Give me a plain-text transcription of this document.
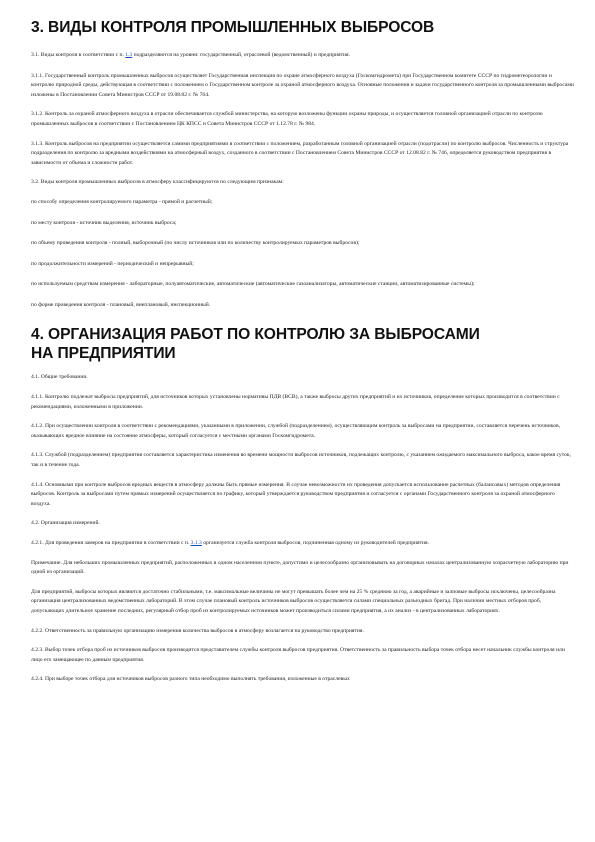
3. ВИДЫ КОНТРОЛЯ ПРОМЫШЛЕННЫХ ВЫБРОСОВ

3.1. Виды контроля в соответствии с п. 1.3 подразделяются на уровни: государственный, отраслевой (ведомственный) и предприятия.

3.1.1. Государственный контроль промышленных выбросов осуществляет Государственная инспекция по охране атмосферного воздуха (Госкомгидромета) при Государственном комитете СССР по гидрометеорологии и контролю природной среды, действующая в соответствии с положением о Государственном контроле за охраной атмосферного воздуха. Основные положения и задачи государственного контроля за промышленными выбросами изложены в Постановлении Совета Министров СССР от 19.08.82 г. № 764.

3.1.2. Контроль за охраной атмосферного воздуха в отрасли обеспечивается службой министерства, на которую возложены функции охраны природы, и осуществляется головной организацией отрасли по контролю промышленных выбросов в соответствии с Постановлением ЦК КПСС и Совета Министров СССР от 1.12.78 г. № 984.

3.1.3. Контроль выбросов на предприятии осуществляется самими предприятиями в соответствии с положением, разработанным головной организацией отрасли (подотрасли) по контролю выбросов. Численность и структура подразделения по контролю за вредными воздействиями на атмосферный воздух, созданного в соответствии с Постановлением Совета Министров СССР от 12.08.82 г. № 746, определяется руководством предприятия в зависимости от объема и сложности работ.

3.2. Виды контроля промышленных выбросов в атмосферу классифицируются по следующим признакам:

по способу определения контролируемого параметра - прямой и расчетный;

по месту контроля - источник выделения, источник выброса;

по объему проведения контроля - полный, выборочный (по числу источников или по количеству контролируемых параметров выбросов);

по продолжительности измерений - периодический и непрерывный;

по используемым средствам измерения - лабораторные, полуавтоматические, автоматические (автоматические газоанализаторы, автоматические станции, автоматизированные системы);

по форме проведения контроля - плановый, внеплановый, инспекционный.

4. ОРГАНИЗАЦИЯ РАБОТ ПО КОНТРОЛЮ ЗА ВЫБРОСАМИ
НА ПРЕДПРИЯТИИ

4.1. Общие требования.

4.1.1. Контролю подлежат выбросы предприятий, для источников которых установлены нормативы ПДВ (ВСВ), а также выбросы других предприятий и их источников, определение которых производится в соответствии с рекомендациями, изложенными в приложении.

4.1.2. При осуществлении контроля в соответствии с рекомендациями, указанными в приложении, службой (подразделением), осуществляющим контроль за выбросами на предприятии, составляется перечень источников, оказывающих вредное влияние на состояние атмосферы, который согласуется с местными органами Госкомгидромета.

4.1.3. Службой (подразделением) предприятия составляется характеристика изменения во времени мощности выбросов источников, подлежащих контролю, с указанием ожидаемого максимального выброса, какое время суток, так и в течение года.

4.1.4. Основными при контроле выбросов вредных веществ в атмосферу должны быть прямые измерения. В случае невозможности их проведения допускается использование расчетных (балансовых) методов определения выбросов. Контроль за выбросами путем прямых измерений осуществляется по графику, который утверждается руководством предприятия и согласуется с органами Государственного контроля за охраной атмосферного воздуха.

4.2. Организация измерений.

4.2.1. Для проведения замеров на предприятии в соответствии с п. 3.1.3 организуется служба контроля выбросов, подчиненная одному из руководителей предприятия.

Примечание. Для небольших промышленных предприятий, расположенных в одном населенном пункте, допустимо и целесообразно организовывать на договорных началах централизованную хозрасчетную лабораторию при одной из организаций.

Для предприятий, выбросы которых являются достаточно стабильными, т.е. максимальные величины не могут превышать более чем на 25 % среднюю за год, а аварийные и залповые выбросы исключены, целесообразна организация централизованных ведомственных лабораторий. В этом случае плановый контроль источников выбросов осуществляется силами специальных разъездных бригад. При наличии местных отборов проб, допускающих длительное хранение последних, регулярный отбор проб из контролируемых источников может производиться силами предприятия, а их анализ - в централизованных лабораториях.

4.2.2. Ответственность за правильную организацию измерения количества выбросов в атмосферу возлагается на руководство предприятия.

4.2.3. Выбор точек отбора проб из источников выбросов производится представителем службы контроля выбросов предприятия. Ответственность за правильность выбора точек отбора несет начальник службы контроля или лицо его замещающее по данным предприятия.

4.2.4. При выборе точек отбора для источников выбросов разного типа необходимо выполнять требования, изложенные в отраслевых
